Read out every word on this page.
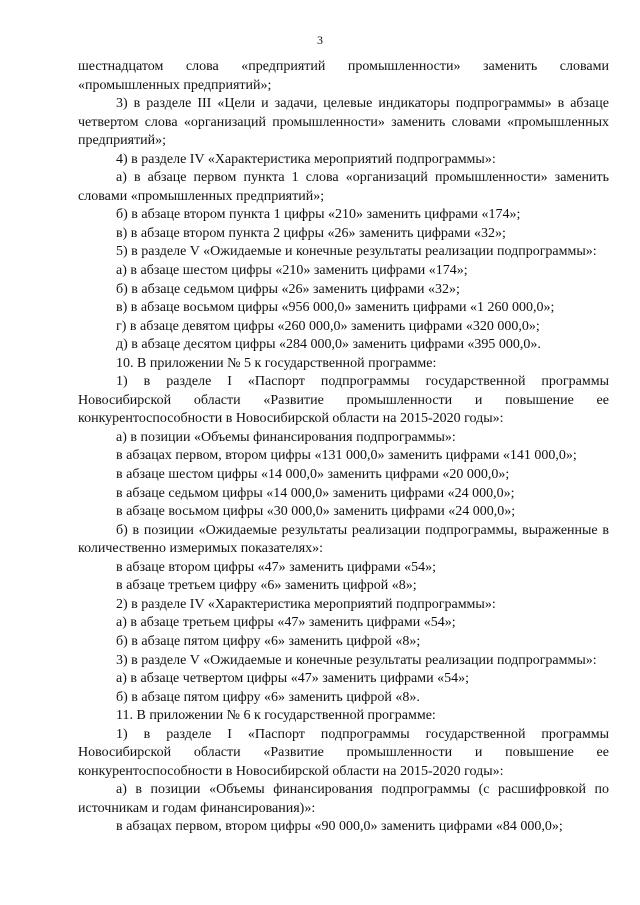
3

шестнадцатом слова «предприятий промышленности» заменить словами «промышленных предприятий»;

3) в разделе III «Цели и задачи, целевые индикаторы подпрограммы» в абзаце четвертом слова «организаций промышленности» заменить словами «промышленных предприятий»;

4) в разделе IV «Характеристика мероприятий подпрограммы»:

а) в абзаце первом пункта 1 слова «организаций промышленности» заменить словами «промышленных предприятий»;

б) в абзаце втором пункта 1 цифры «210» заменить цифрами «174»;

в) в абзаце втором пункта 2 цифры «26» заменить цифрами «32»;

5) в разделе V «Ожидаемые и конечные результаты реализации подпрограммы»:

а) в абзаце шестом цифры «210» заменить цифрами «174»;

б) в абзаце седьмом цифры «26» заменить цифрами «32»;

в) в абзаце восьмом цифры «956 000,0» заменить цифрами «1 260 000,0»;

г) в абзаце девятом цифры «260 000,0» заменить цифрами «320 000,0»;

д) в абзаце десятом цифры «284 000,0» заменить цифрами «395 000,0».

10. В приложении № 5 к государственной программе:

1) в разделе I «Паспорт подпрограммы государственной программы Новосибирской области «Развитие промышленности и повышение ее конкурентоспособности в Новосибирской области на 2015-2020 годы»:

а) в позиции «Объемы финансирования подпрограммы»:

в абзацах первом, втором цифры «131 000,0» заменить цифрами «141 000,0»;

в абзаце шестом цифры «14 000,0» заменить цифрами «20 000,0»;

в абзаце седьмом цифры «14 000,0» заменить цифрами «24 000,0»;

в абзаце восьмом цифры «30 000,0» заменить цифрами «24 000,0»;

б) в позиции «Ожидаемые результаты реализации подпрограммы, выраженные в количественно измеримых показателях»:

в абзаце втором цифры «47» заменить цифрами «54»;

в абзаце третьем цифру «6» заменить цифрой «8»;

2) в разделе IV «Характеристика мероприятий подпрограммы»:

а) в абзаце третьем цифры «47» заменить цифрами «54»;

б) в абзаце пятом цифру «6» заменить цифрой «8»;

3) в разделе V «Ожидаемые и конечные результаты реализации подпрограммы»:

а) в абзаце четвертом цифры «47» заменить цифрами «54»;

б) в абзаце пятом цифру «6» заменить цифрой «8».

11. В приложении № 6 к государственной программе:

1) в разделе I «Паспорт подпрограммы государственной программы Новосибирской области «Развитие промышленности и повышение ее конкурентоспособности в Новосибирской области на 2015-2020 годы»:

а) в позиции «Объемы финансирования подпрограммы (с расшифровкой по источникам и годам финансирования)»:

в абзацах первом, втором цифры «90 000,0» заменить цифрами «84 000,0»;
